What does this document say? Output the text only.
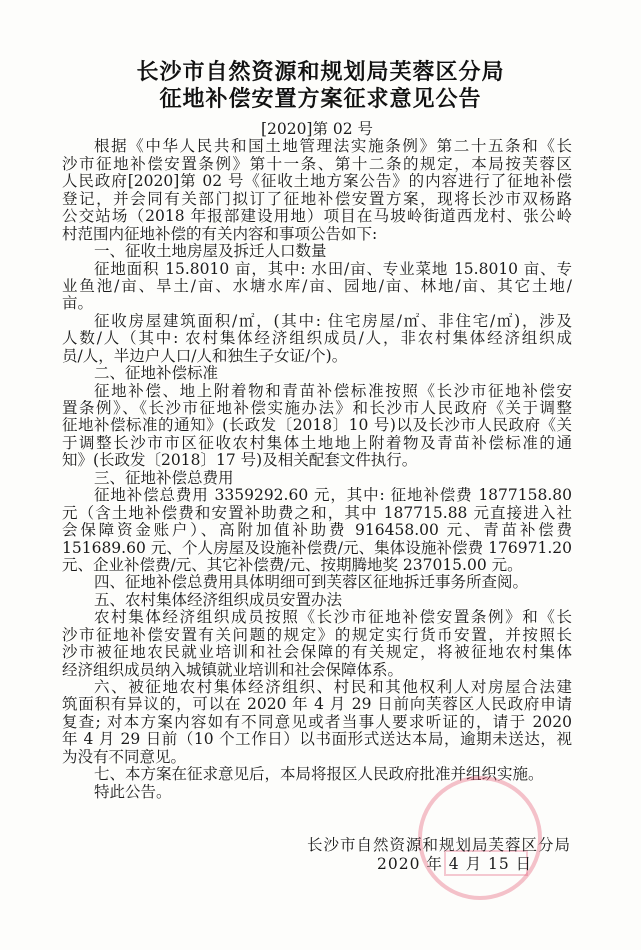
长沙市自然资源和规划局芙蓉区分局
征地补偿安置方案征求意见公告
[2020]第 02 号
根据《中华人民共和国土地管理法实施条例》第二十五条和《长
沙市征地补偿安置条例》第十一条、第十二条的规定，本局按芙蓉区
人民政府[2020]第 02 号《征收土地方案公告》的内容进行了征地补偿
登记，并会同有关部门拟订了征地补偿安置方案，现将长沙市双杨路
公交站场（2018 年报部建设用地）项目在马坡岭街道西龙村、张公岭
村范围内征地补偿的有关内容和事项公告如下:
一、征收土地房屋及拆迁人口数量
征地面积 15.8010 亩，其中: 水田/亩、专业菜地 15.8010 亩、专
业鱼池/亩、旱土/亩、水塘水库/亩、园地/亩、林地/亩、其它土地/
亩。
征收房屋建筑面积/㎡，(其中: 住宅房屋/㎡、非住宅/㎡)，涉及
人数/人（其中: 农村集体经济组织成员/人，非农村集体经济组织成
员/人，半边户人口/人和独生子女证/个)。
二、征地补偿标准
征地补偿、地上附着物和青苗补偿标准按照《长沙市征地补偿安
置条例》、《长沙市征地补偿实施办法》和长沙市人民政府《关于调整
征地补偿标准的通知》(长政发〔2018〕10 号)以及长沙市人民政府《关
于调整长沙市市区征收农村集体土地地上附着物及青苗补偿标准的通
知》(长政发〔2018〕17 号)及相关配套文件执行。
三、征地补偿总费用
征地补偿总费用 3359292.60 元，其中: 征地补偿费 1877158.80
元（含土地补偿费和安置补助费之和，其中 187715.88 元直接进入社
会保障资金账户）、高附加值补助费 916458.00 元、青苗补偿费
151689.60 元、个人房屋及设施补偿费/元、集体设施补偿费 176971.20
元、企业补偿费/元、其它补偿费/元、按期腾地奖 237015.00 元。
四、征地补偿总费用具体明细可到芙蓉区征地拆迁事务所查阅。
五、农村集体经济组织成员安置办法
农村集体经济组织成员按照《长沙市征地补偿安置条例》和《长
沙市征地补偿安置有关问题的规定》的规定实行货币安置，并按照长
沙市被征地农民就业培训和社会保障的有关规定，将被征地农村集体
经济组织成员纳入城镇就业培训和社会保障体系。
六、被征地农村集体经济组织、村民和其他权利人对房屋合法建
筑面积有异议的，可以在 2020 年 4 月 29 日前向芙蓉区人民政府申请
复查; 对本方案内容如有不同意见或者当事人要求听证的，请于 2020
年 4 月 29 日前（10 个工作日）以书面形式送达本局，逾期未送达，视
为没有不同意见。
七、本方案在征求意见后，本局将报区人民政府批准并组织实施。
特此公告。
长沙市自然资源和规划局芙蓉区分局
2020 年 4 月 15 日
